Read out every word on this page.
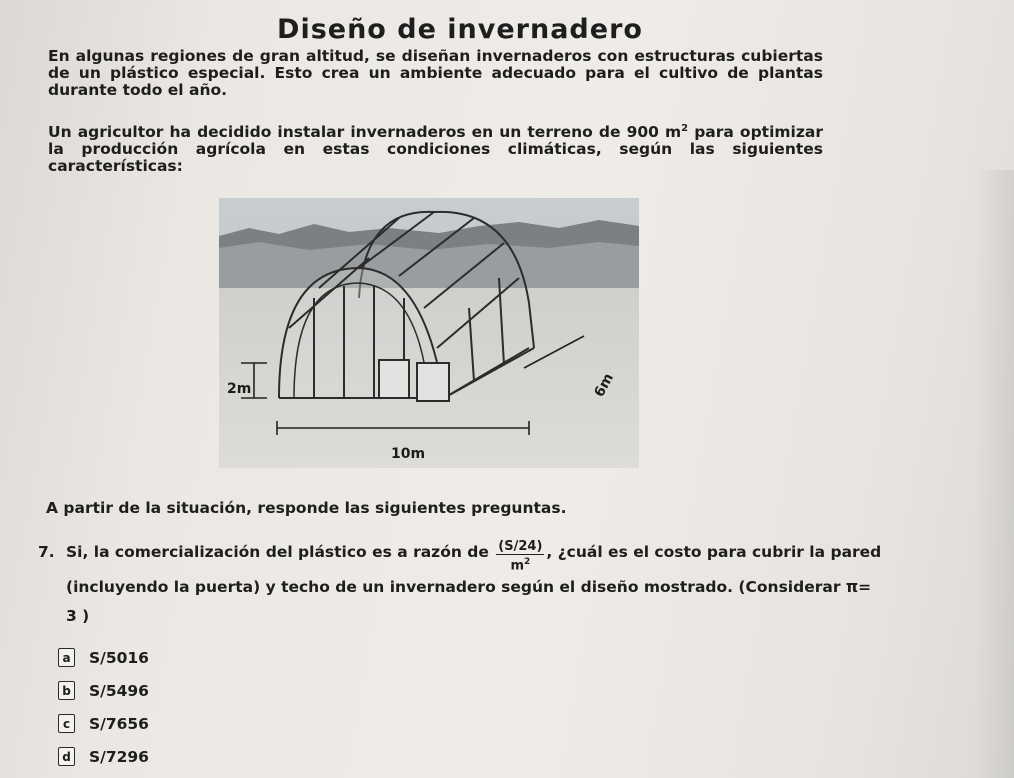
Diseño de invernadero
En algunas regiones de gran altitud, se diseñan invernaderos con estructuras cubiertas de un plástico especial. Esto crea un ambiente adecuado para el cultivo de plantas durante todo el año.
Un agricultor ha decidido instalar invernaderos en un terreno de 900 $m^2$ para optimizar la producción agrícola en estas condiciones climáticas, según las siguientes características:
2m	6m
10m
A partir de la situación, responde las siguientes preguntas.
7. Si, la comercialización del plástico es a razón de $\frac{(S/24)}{m^2}$ , ¿cuál es el costo para cubrir la pared (incluyendo la puerta) y techo de un invernadero según el diseño mostrado. (Considerar π= 3 )
a S/5016
b S/5496
c	S/7656
d S/7296
